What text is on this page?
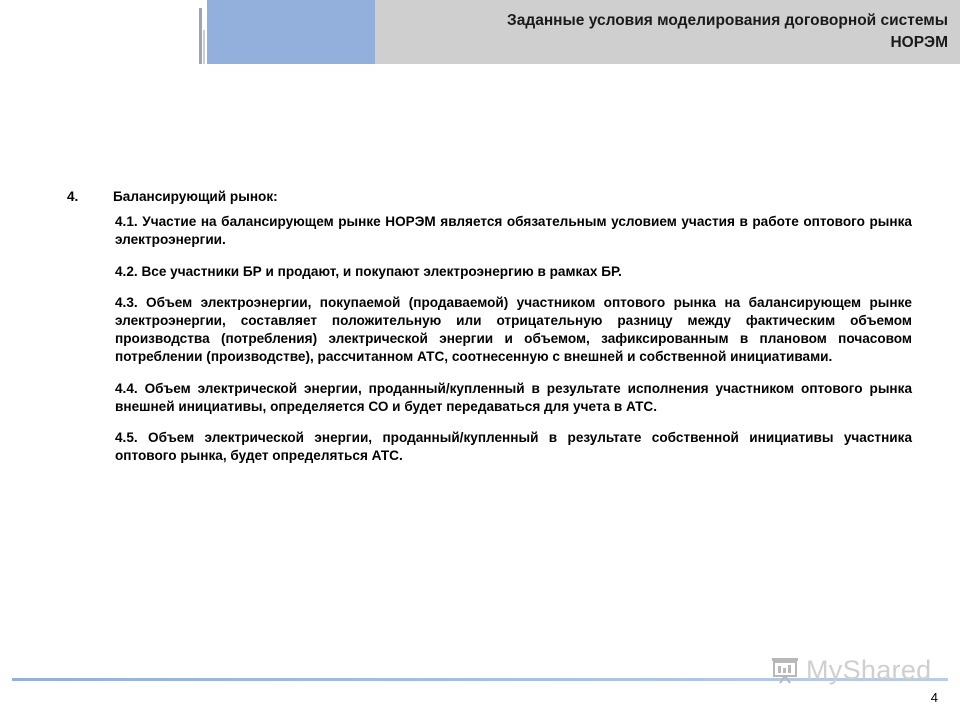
Заданные условия моделирования договорной системы
НОРЭМ
4.	Балансирующий рынок:

4.1. Участие на балансирующем рынке НОРЭМ является обязательным условием участия в работе оптового рынка электроэнергии.

4.2. Все участники БР и продают, и покупают электроэнергию в рамках БР.

4.3. Объем электроэнергии, покупаемой (продаваемой) участником оптового рынка на балансирующем рынке электроэнергии, составляет положительную или отрицательную разницу между фактическим объемом производства (потребления) электрической энергии и объемом, зафиксированным в плановом почасовом потреблении (производстве), рассчитанном АТС, соотнесенную с внешней и собственной инициативами.

4.4. Объем электрической энергии, проданный/купленный в результате исполнения участником оптового рынка внешней инициативы, определяется СО и будет передаваться для учета в АТС.

4.5. Объем электрической энергии, проданный/купленный в результате собственной инициативы участника оптового рынка, будет определяться АТС.

MyShared
4
